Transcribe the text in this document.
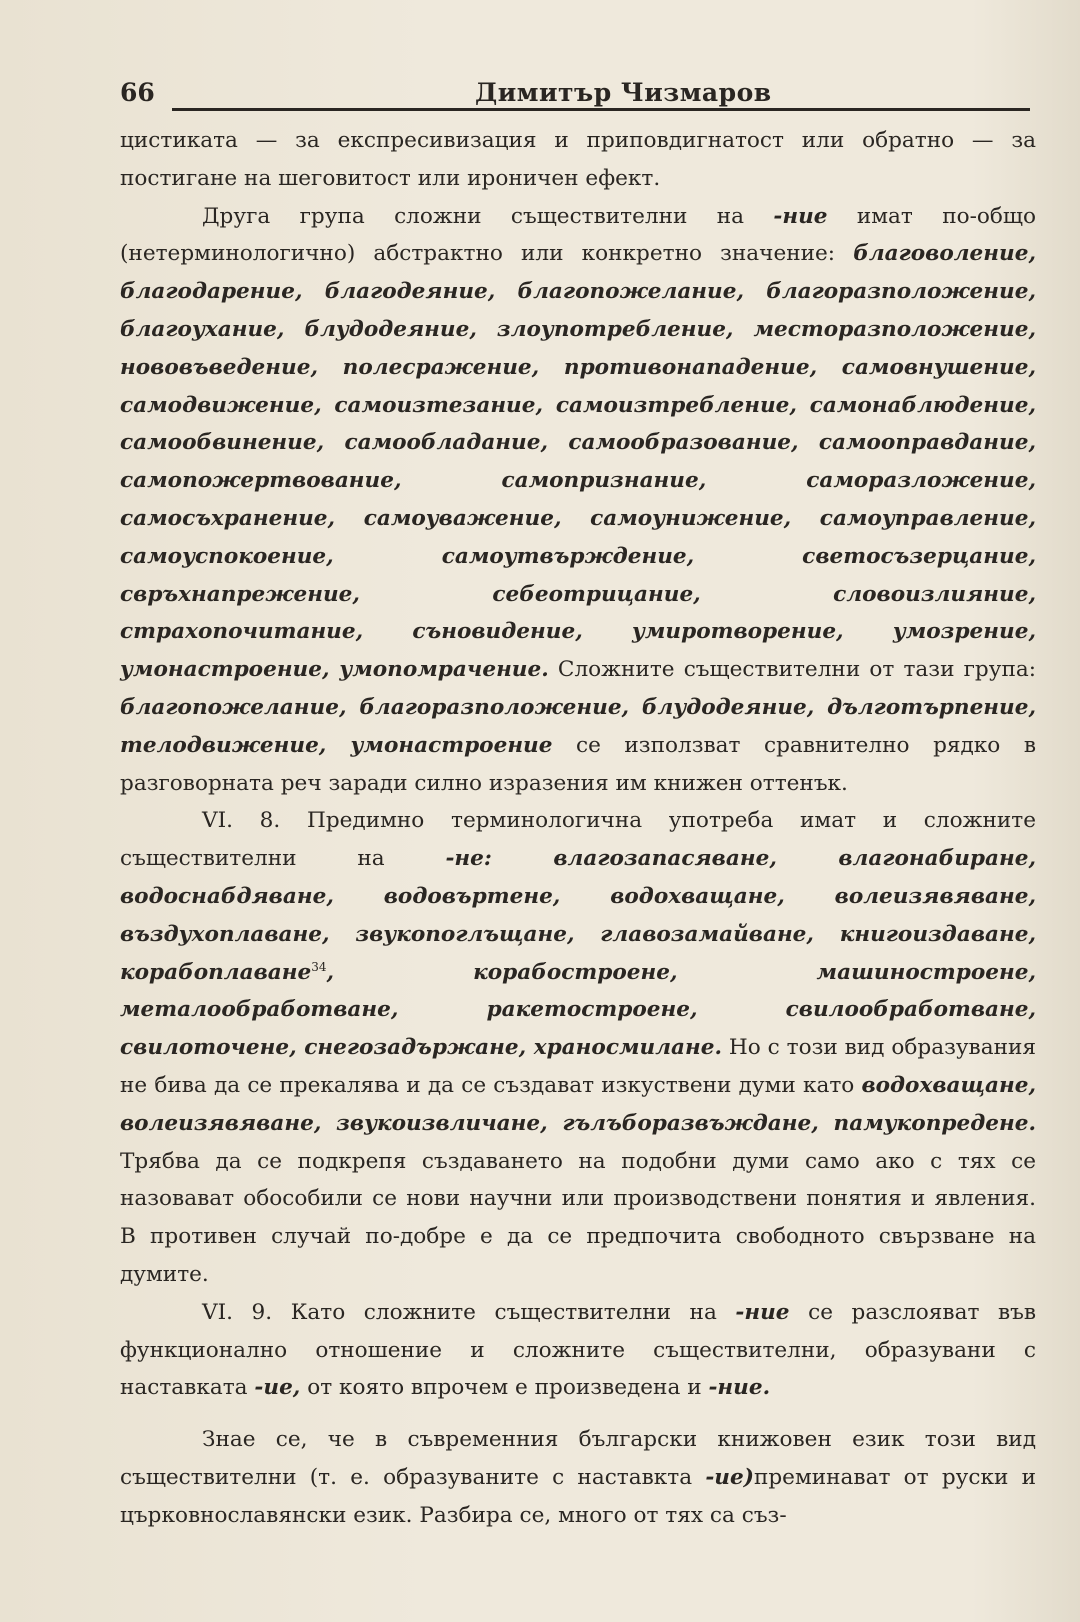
66	Димитър Чизмаров

цистиката — за експресивизация и приповдигнатост или обратно — за постигане на шеговитост или ироничен ефект.

Друга група сложни съществителни на -ние имат по-общо (нетерминологично) абстрактно или конкретно значение: благоволение, благодарение, благодеяние, благопожелание, благоразположение, благоухание, блудодеяние, злоупотребление, месторазположение, нововъведение, полесражение, противонападение, самовнушение, самодвижение, самоизтезание, самоизтребление, самонаблюдение, самообвинение, самообладание, самообразование, самооправдание, самопожертвование, самопризнание, саморазложение, самосъхранение, самоуважение, самоунижение, самоуправление, самоуспокоение, самоутвърждение, светосъзерцание, свръхнапрежение, себеотрицание, словоизлияние, страхопочитание, съновидение, умиротворение, умозрение, умонастроение, умопомрачение. Сложните съществителни от тази група: благопожелание, благоразположение, блудодеяние, дълготърпение, телодвижение, умонастроение се използват сравнително рядко в разговорната реч заради силно изразения им книжен оттенък.

VI. 8. Предимно терминологична употреба имат и сложните съществителни на -не: влагозапасяване, влагонабиране, водоснабдяване, водовъртене, водохващане, волеизявяване, въздухоплаване, звукопоглъщане, главозамайване, книгоиздаване, корабоплаване$^{34}$, корабостроене, машиностроене, металообработване, ракетостроене, свилообработване, свилоточене, снегозадържане, храносмилане. Но с този вид образувания не бива да се прекалява и да се създават изкуствени думи като водохващане, волеизявяване, звукоизвличане, гълъборазвъждане, памукопредене. Трябва да се подкрепя създаването на подобни думи само ако с тях се назовават обособили се нови научни или производствени понятия и явления. В противен случай по-добре е да се предпочита свободното свързване на думите.

VI. 9. Като сложните съществителни на -ние се разслояват във функционално отношение и сложните съществителни, образувани с наставката -ие, от която впрочем е произведена и -ние.

Знае се, че в съвременния български книжовен език този вид съществителни (т. е. образуваните с наставкта -ие)преминават от руски и църковнославянски език. Разбира се, много от тях са съз-
